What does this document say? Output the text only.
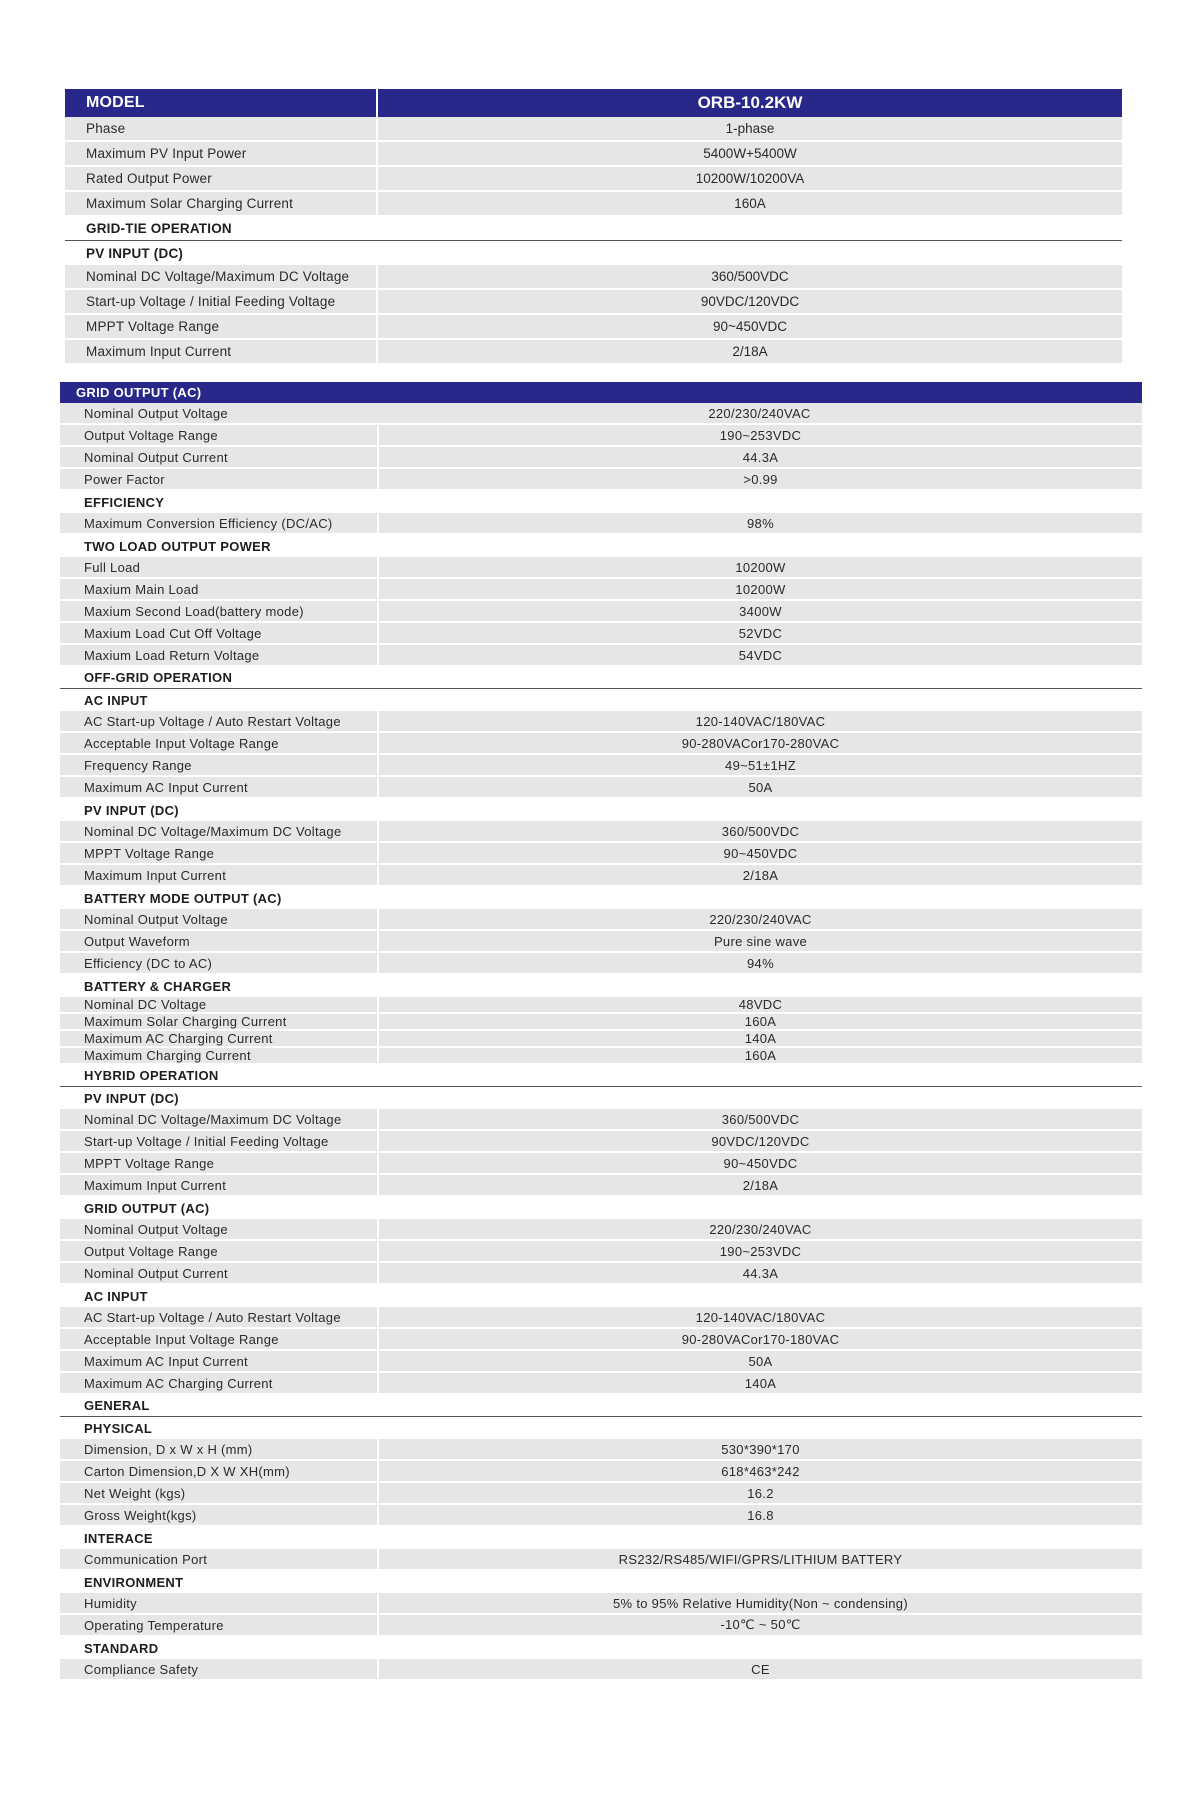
MODEL	ORB-10.2KW
Phase	1-phase
Maximum PV Input Power	5400W+5400W
Rated Output Power	10200W/10200VA
Maximum Solar Charging Current	160A
GRID-TIE OPERATION
PV INPUT (DC)
Nominal DC Voltage/Maximum DC Voltage	360/500VDC
Start-up Voltage / Initial Feeding Voltage	90VDC/120VDC
MPPT Voltage Range	90~450VDC
Maximum Input Current	2/18A
GRID OUTPUT (AC)
Nominal Output Voltage	220/230/240VAC
Output Voltage Range	190~253VDC
Nominal Output Current	44.3A
Power Factor	>0.99
EFFICIENCY
Maximum Conversion Efficiency (DC/AC)	98%
TWO LOAD OUTPUT POWER
Full Load	10200W
Maxium Main Load	10200W
Maxium Second Load(battery mode)	3400W
Maxium Load Cut Off Voltage	52VDC
Maxium Load Return Voltage	54VDC
OFF-GRID OPERATION
AC INPUT
AC Start-up Voltage / Auto Restart Voltage	120-140VAC/180VAC
Acceptable Input Voltage Range	90-280VACor170-280VAC
Frequency Range	49~51±1HZ
Maximum AC Input Current	50A
PV INPUT (DC)
Nominal DC Voltage/Maximum DC Voltage	360/500VDC
MPPT Voltage Range	90~450VDC
Maximum Input Current	2/18A
BATTERY MODE OUTPUT (AC)
Nominal Output Voltage	220/230/240VAC
Output Waveform	Pure sine wave
Efficiency (DC to AC)	94%
BATTERY & CHARGER
Nominal DC Voltage	48VDC
Maximum Solar Charging Current	160A
Maximum AC Charging Current	140A
Maximum Charging Current	160A
HYBRID OPERATION
PV INPUT (DC)
Nominal DC Voltage/Maximum DC Voltage	360/500VDC
Start-up Voltage / Initial Feeding Voltage	90VDC/120VDC
MPPT Voltage Range	90~450VDC
Maximum Input Current	2/18A
GRID OUTPUT (AC)
Nominal Output Voltage	220/230/240VAC
Output Voltage Range	190~253VDC
Nominal Output Current	44.3A
AC INPUT
AC Start-up Voltage / Auto Restart Voltage	120-140VAC/180VAC
Acceptable Input Voltage Range	90-280VACor170-180VAC
Maximum AC Input Current	50A
Maximum AC Charging Current	140A
GENERAL
PHYSICAL
Dimension, D x W x H (mm)	530*390*170
Carton Dimension,D X W XH(mm)	618*463*242
Net Weight (kgs)	16.2
Gross Weight(kgs)	16.8
INTERACE
Communication Port	RS232/RS485/WIFI/GPRS/LITHIUM BATTERY
ENVIRONMENT
Humidity	5% to 95% Relative Humidity(Non ~ condensing)
Operating Temperature	-10℃ ~ 50℃
STANDARD
Compliance Safety	CE
